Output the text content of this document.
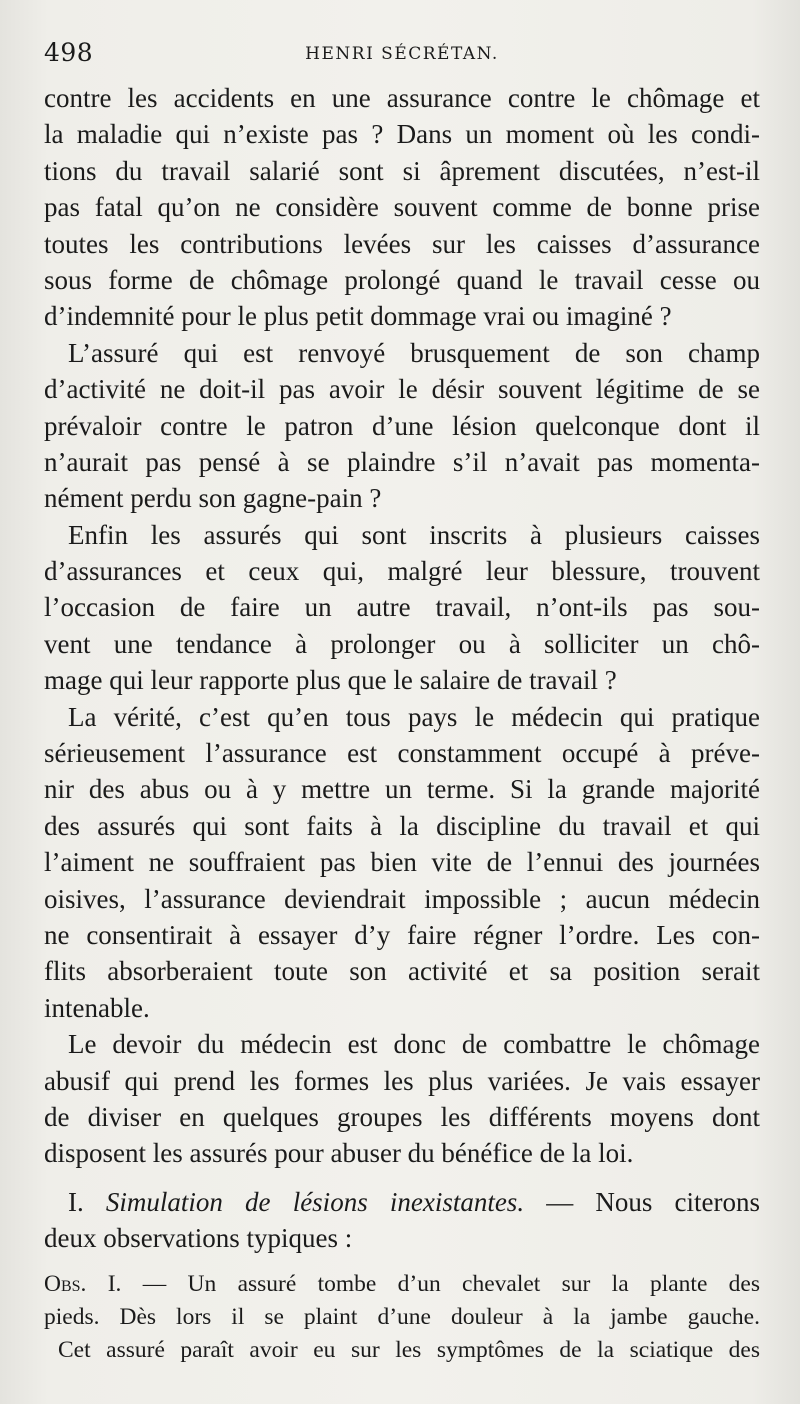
498	HENRI SÉCRÉTAN.
contre les accidents en une assurance contre le chômage et
la maladie qui n’existe pas ? Dans un moment où les condi-
tions du travail salarié sont si âprement discutées, n’est-il
pas fatal qu’on ne considère souvent comme de bonne prise
toutes les contributions levées sur les caisses d’assurance
sous forme de chômage prolongé quand le travail cesse ou
d’indemnité pour le plus petit dommage vrai ou imaginé ?
L’assuré qui est renvoyé brusquement de son champ
d’activité ne doit-il pas avoir le désir souvent légitime de se
prévaloir contre le patron d’une lésion quelconque dont il
n’aurait pas pensé à se plaindre s’il n’avait pas momenta-
nément perdu son gagne-pain ?
Enfin les assurés qui sont inscrits à plusieurs caisses
d’assurances et ceux qui, malgré leur blessure, trouvent
l’occasion de faire un autre travail, n’ont-ils pas sou-
vent une tendance à prolonger ou à solliciter un chô-
mage qui leur rapporte plus que le salaire de travail ?
La vérité, c’est qu’en tous pays le médecin qui pratique
sérieusement l’assurance est constamment occupé à préve-
nir des abus ou à y mettre un terme. Si la grande majorité
des assurés qui sont faits à la discipline du travail et qui
l’aiment ne souffraient pas bien vite de l’ennui des journées
oisives, l’assurance deviendrait impossible ; aucun médecin
ne consentirait à essayer d’y faire régner l’ordre. Les con-
flits absorberaient toute son activité et sa position serait
intenable.
Le devoir du médecin est donc de combattre le chômage
abusif qui prend les formes les plus variées. Je vais essayer
de diviser en quelques groupes les différents moyens dont
disposent les assurés pour abuser du bénéfice de la loi.
I. Simulation de lésions inexistantes. — Nous citerons
deux observations typiques :
Obs. I. — Un assuré tombe d’un chevalet sur la plante des
pieds. Dès lors il se plaint d’une douleur à la jambe gauche.
Cet assuré paraît avoir eu sur les symptômes de la sciatique des
